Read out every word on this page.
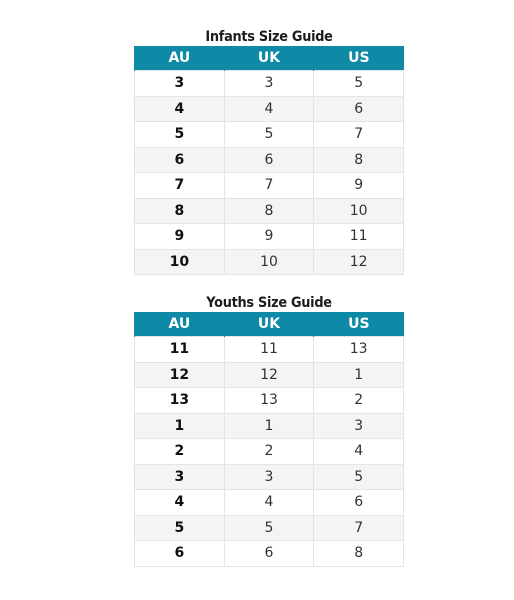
Infants Size Guide
AU	UK	US
3	3	5
4	4	6
5	5	7
6	6	8
7	7	9
8	8	10
9	9	11
10	10	12
Youths Size Guide
AU	UK	US
11	11	13
12	12	1
13	13	2
1	1	3
2	2	4
3	3	5
4	4	6
5	5	7
6	6	8
